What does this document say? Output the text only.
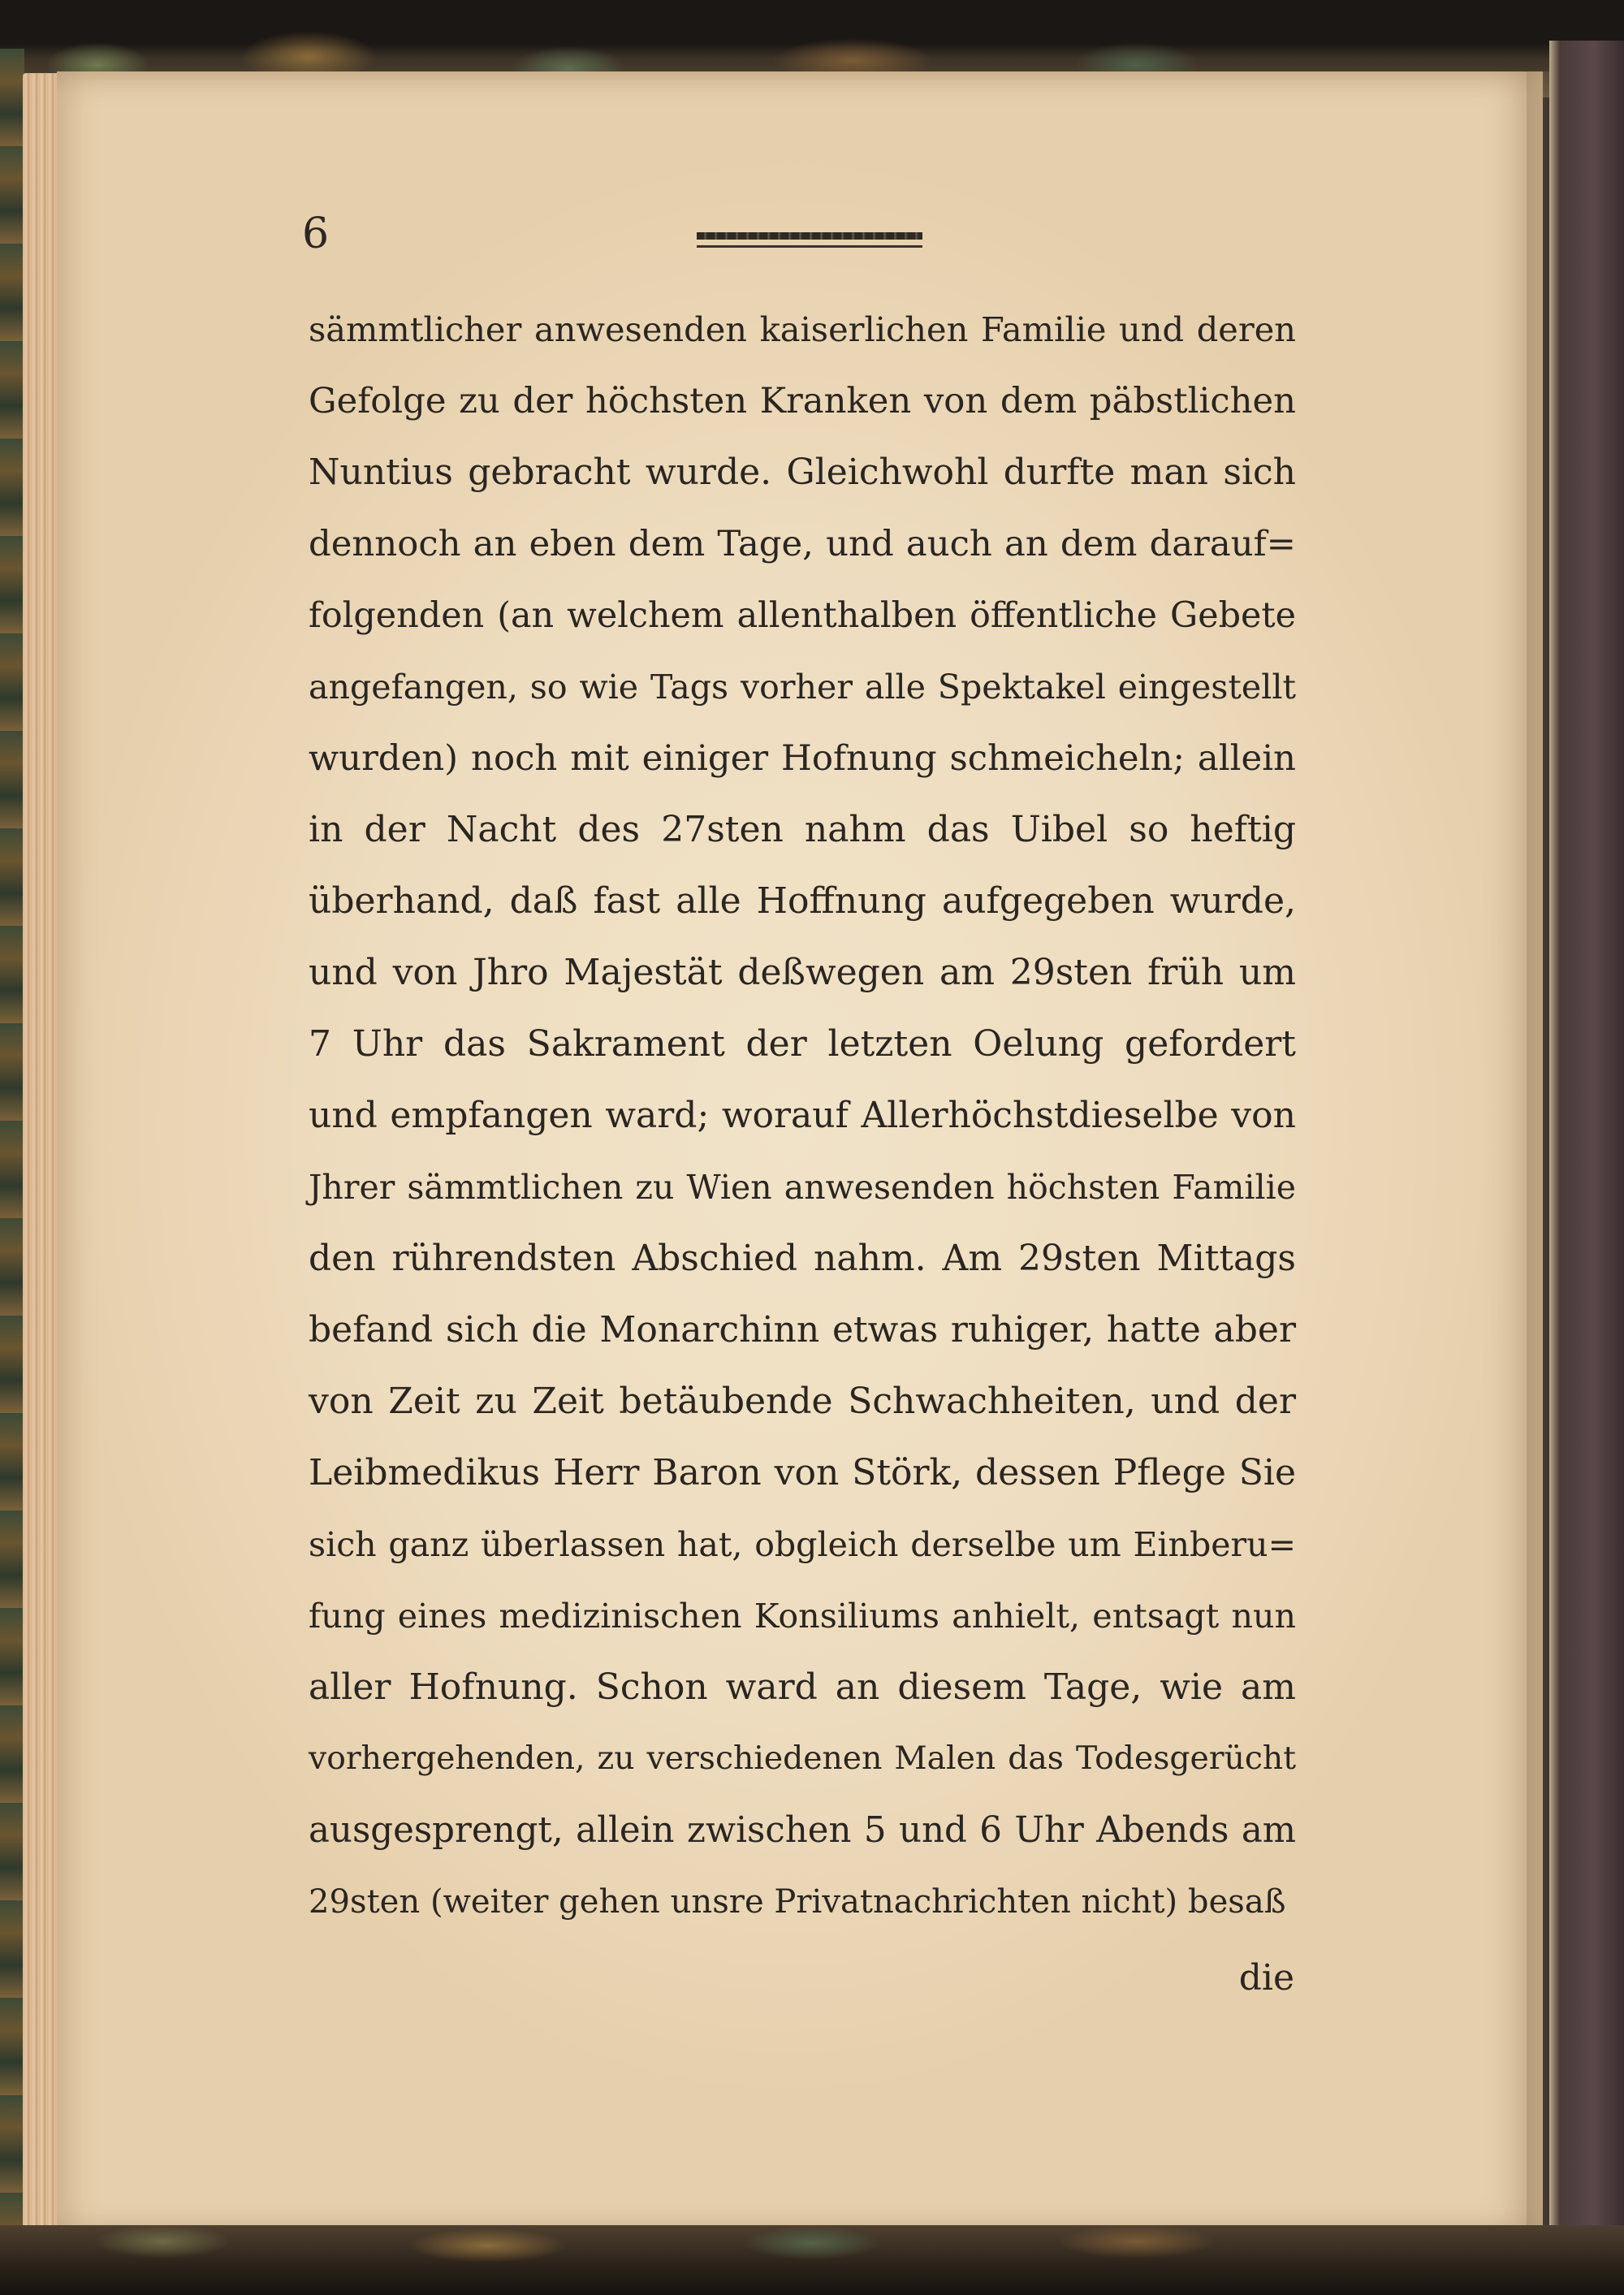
6
sämmtlicher anwesenden kaiserlichen Familie und deren
Gefolge zu der höchsten Kranken von dem päbstlichen
Nuntius gebracht wurde. Gleichwohl durfte man sich
dennoch an eben dem Tage, und auch an dem darauf=
folgenden (an welchem allenthalben öffentliche Gebete
angefangen, so wie Tags vorher alle Spektakel eingestellt
wurden) noch mit einiger Hofnung schmeicheln; allein
in der Nacht des 27sten nahm das Uibel so heftig
überhand, daß fast alle Hoffnung aufgegeben wurde,
und von Jhro Majestät deßwegen am 29sten früh um
7 Uhr das Sakrament der letzten Oelung gefordert
und empfangen ward; worauf Allerhöchstdieselbe von
Jhrer sämmtlichen zu Wien anwesenden höchsten Familie
den rührendsten Abschied nahm. Am 29sten Mittags
befand sich die Monarchinn etwas ruhiger, hatte aber
von Zeit zu Zeit betäubende Schwachheiten, und der
Leibmedikus Herr Baron von Störk, dessen Pflege Sie
sich ganz überlassen hat, obgleich derselbe um Einberu=
fung eines medizinischen Konsiliums anhielt, entsagt nun
aller Hofnung. Schon ward an diesem Tage, wie am
vorhergehenden, zu verschiedenen Malen das Todesgerücht
ausgesprengt, allein zwischen 5 und 6 Uhr Abends am
29sten (weiter gehen unsre Privatnachrichten nicht) besaß
die
